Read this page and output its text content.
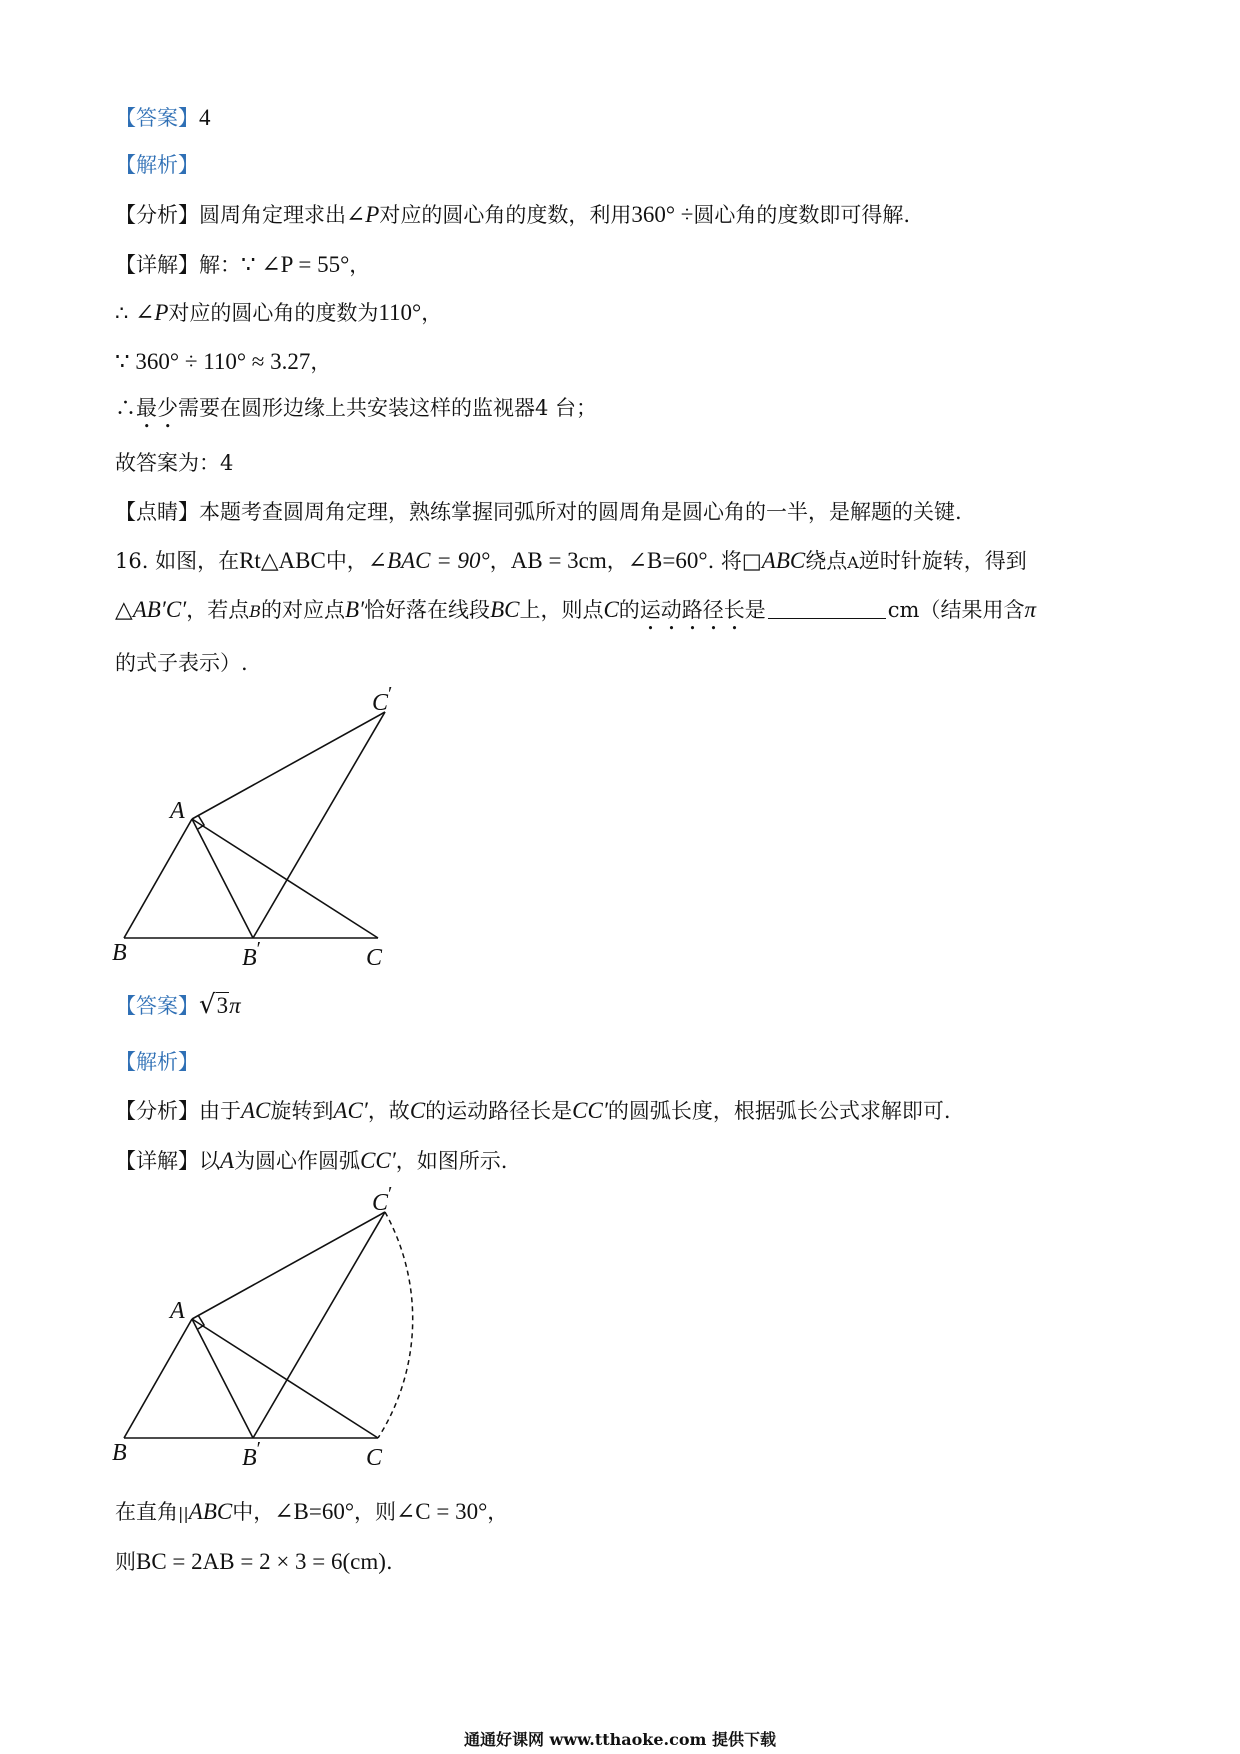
【答案】4

【解析】

【分析】圆周角定理求出∠P对应的圆心角的度数，利用360° ÷圆心角的度数即可得解.

【详解】解：∵ ∠P = 55°，

∴ ∠P对应的圆心角的度数为110°，

∵ 360° ÷ 110° ≈ 3.27，

∴最少需要在圆形边缘上共安装这样的监视器4 台；

故答案为：4

【点睛】本题考查圆周角定理，熟练掌握同弧所对的圆周角是圆心角的一半，是解题的关键.

16. 如图，在Rt△ABC中，∠BAC = 90°，AB = 3cm，∠B=60°. 将□ABC绕点A逆时针旋转，得到

△AB′C′，若点B的对应点B′恰好落在线段BC上，则点C的运动路径长是	cm（结果用含π

的式子表示）.

C′
A
B	B′	C

【答案】√3π

【解析】

【分析】由于AC旋转到AC′，故C的运动路径长是CC′的圆弧长度，根据弧长公式求解即可.

【详解】以A为圆心作圆弧CC′，如图所示.

C′
A
B	B′	C

在直角||ABC中，∠B=60°，则∠C = 30°，

则BC = 2AB = 2 × 3 = 6(cm).

通通好课网 www.tthaoke.com 提供下载
